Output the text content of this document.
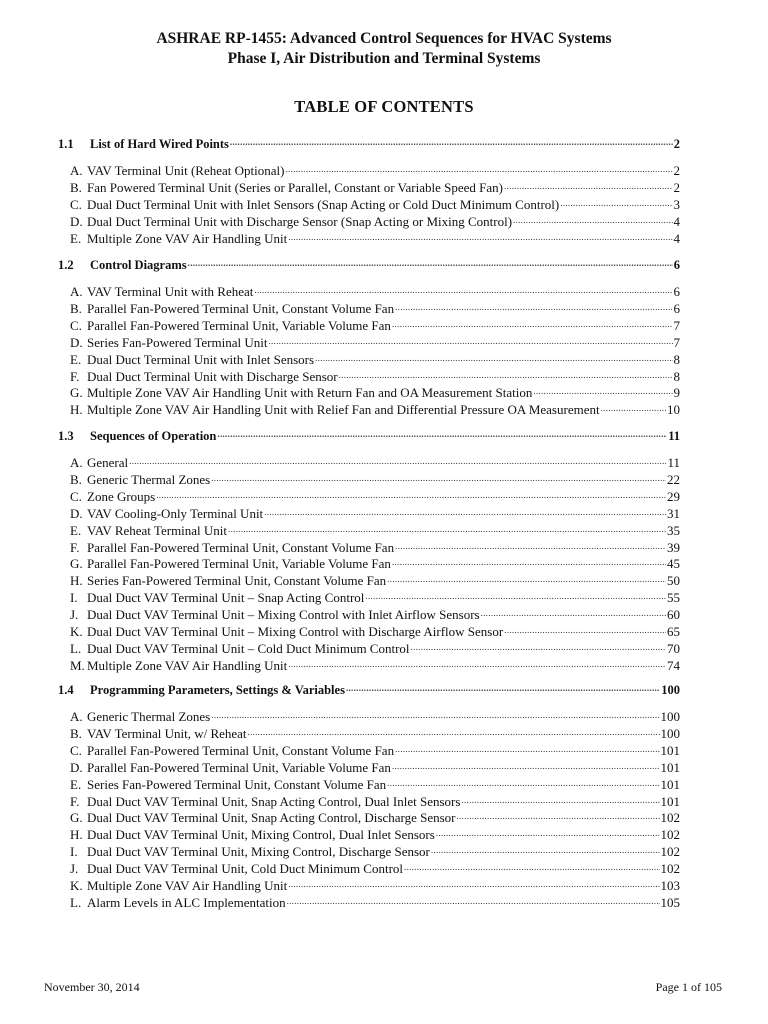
ASHRAE RP-1455: Advanced Control Sequences for HVAC Systems
Phase I, Air Distribution and Terminal Systems
TABLE OF CONTENTS
1.1	List of Hard Wired Points .....	2
A. VAV Terminal Unit (Reheat Optional) .....	2
B. Fan Powered Terminal Unit (Series or Parallel, Constant or Variable Speed Fan) .....	2
C. Dual Duct Terminal Unit with Inlet Sensors (Snap Acting or Cold Duct Minimum Control) .....	3
D. Dual Duct Terminal Unit with Discharge Sensor (Snap Acting or Mixing Control) .....	4
E. Multiple Zone VAV Air Handling Unit .....	4
1.2	Control Diagrams .....	6
A. VAV Terminal Unit with Reheat .....	6
B. Parallel Fan-Powered Terminal Unit, Constant Volume Fan .....	6
C. Parallel Fan-Powered Terminal Unit, Variable Volume Fan .....	7
D. Series Fan-Powered Terminal Unit .....	7
E. Dual Duct Terminal Unit with Inlet Sensors .....	8
F. Dual Duct Terminal Unit with Discharge Sensor .....	8
G. Multiple Zone VAV Air Handling Unit with Return Fan and OA Measurement Station .....	9
H. Multiple Zone VAV Air Handling Unit with Relief Fan and Differential Pressure OA Measurement .....	10
1.3	Sequences of Operation .....	11
A. General .....	11
B. Generic Thermal Zones .....	22
C. Zone Groups .....	29
D. VAV Cooling-Only Terminal Unit .....	31
E. VAV Reheat Terminal Unit .....	35
F. Parallel Fan-Powered Terminal Unit, Constant Volume Fan .....	39
G. Parallel Fan-Powered Terminal Unit, Variable Volume Fan .....	45
H. Series Fan-Powered Terminal Unit, Constant Volume Fan .....	50
I. Dual Duct VAV Terminal Unit – Snap Acting Control .....	55
J. Dual Duct VAV Terminal Unit – Mixing Control with Inlet Airflow Sensors .....	60
K. Dual Duct VAV Terminal Unit – Mixing Control with Discharge Airflow Sensor .....	65
L. Dual Duct VAV Terminal Unit – Cold Duct Minimum Control .....	70
M. Multiple Zone VAV Air Handling Unit .....	74
1.4	Programming Parameters, Settings & Variables .....	100
A. Generic Thermal Zones .....	100
B. VAV Terminal Unit, w/ Reheat .....	100
C. Parallel Fan-Powered Terminal Unit, Constant Volume Fan .....	101
D. Parallel Fan-Powered Terminal Unit, Variable Volume Fan .....	101
E. Series Fan-Powered Terminal Unit, Constant Volume Fan .....	101
F. Dual Duct VAV Terminal Unit, Snap Acting Control, Dual Inlet Sensors .....	101
G. Dual Duct VAV Terminal Unit, Snap Acting Control, Discharge Sensor .....	102
H. Dual Duct VAV Terminal Unit, Mixing Control, Dual Inlet Sensors .....	102
I. Dual Duct VAV Terminal Unit, Mixing Control, Discharge Sensor .....	102
J. Dual Duct VAV Terminal Unit, Cold Duct Minimum Control .....	102
K. Multiple Zone VAV Air Handling Unit .....	103
L. Alarm Levels in ALC Implementation .....	105
November 30, 2014	Page 1 of 105
